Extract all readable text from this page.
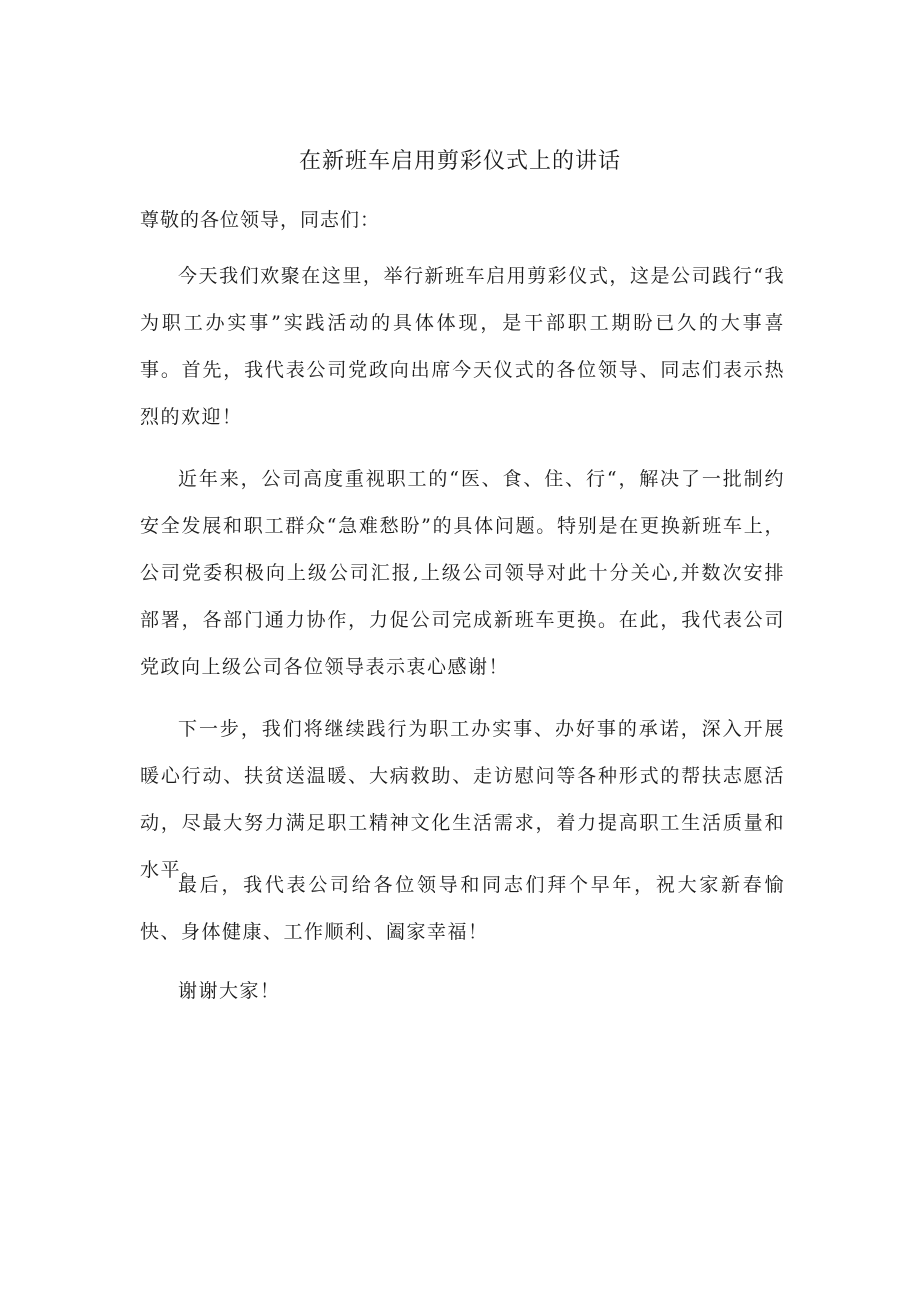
在新班车启用剪彩仪式上的讲话

尊敬的各位领导，同志们：

今天我们欢聚在这里，举行新班车启用剪彩仪式，这是公司践行“我为职工办实事”实践活动的具体体现，是干部职工期盼已久的大事喜事。首先，我代表公司党政向出席今天仪式的各位领导、同志们表示热烈的欢迎！

近年来，公司高度重视职工的“医、食、住、行“，解决了一批制约安全发展和职工群众“急难愁盼”的具体问题。特别是在更换新班车上，公司党委积极向上级公司汇报,上级公司领导对此十分关心,并数次安排部署，各部门通力协作，力促公司完成新班车更换。在此，我代表公司党政向上级公司各位领导表示衷心感谢！

下一步，我们将继续践行为职工办实事、办好事的承诺，深入开展暖心行动、扶贫送温暖、大病救助、走访慰问等各种形式的帮扶志愿活动，尽最大努力满足职工精神文化生活需求，着力提高职工生活质量和水平。

最后，我代表公司给各位领导和同志们拜个早年，祝大家新春愉快、身体健康、工作顺利、阖家幸福！

谢谢大家！
